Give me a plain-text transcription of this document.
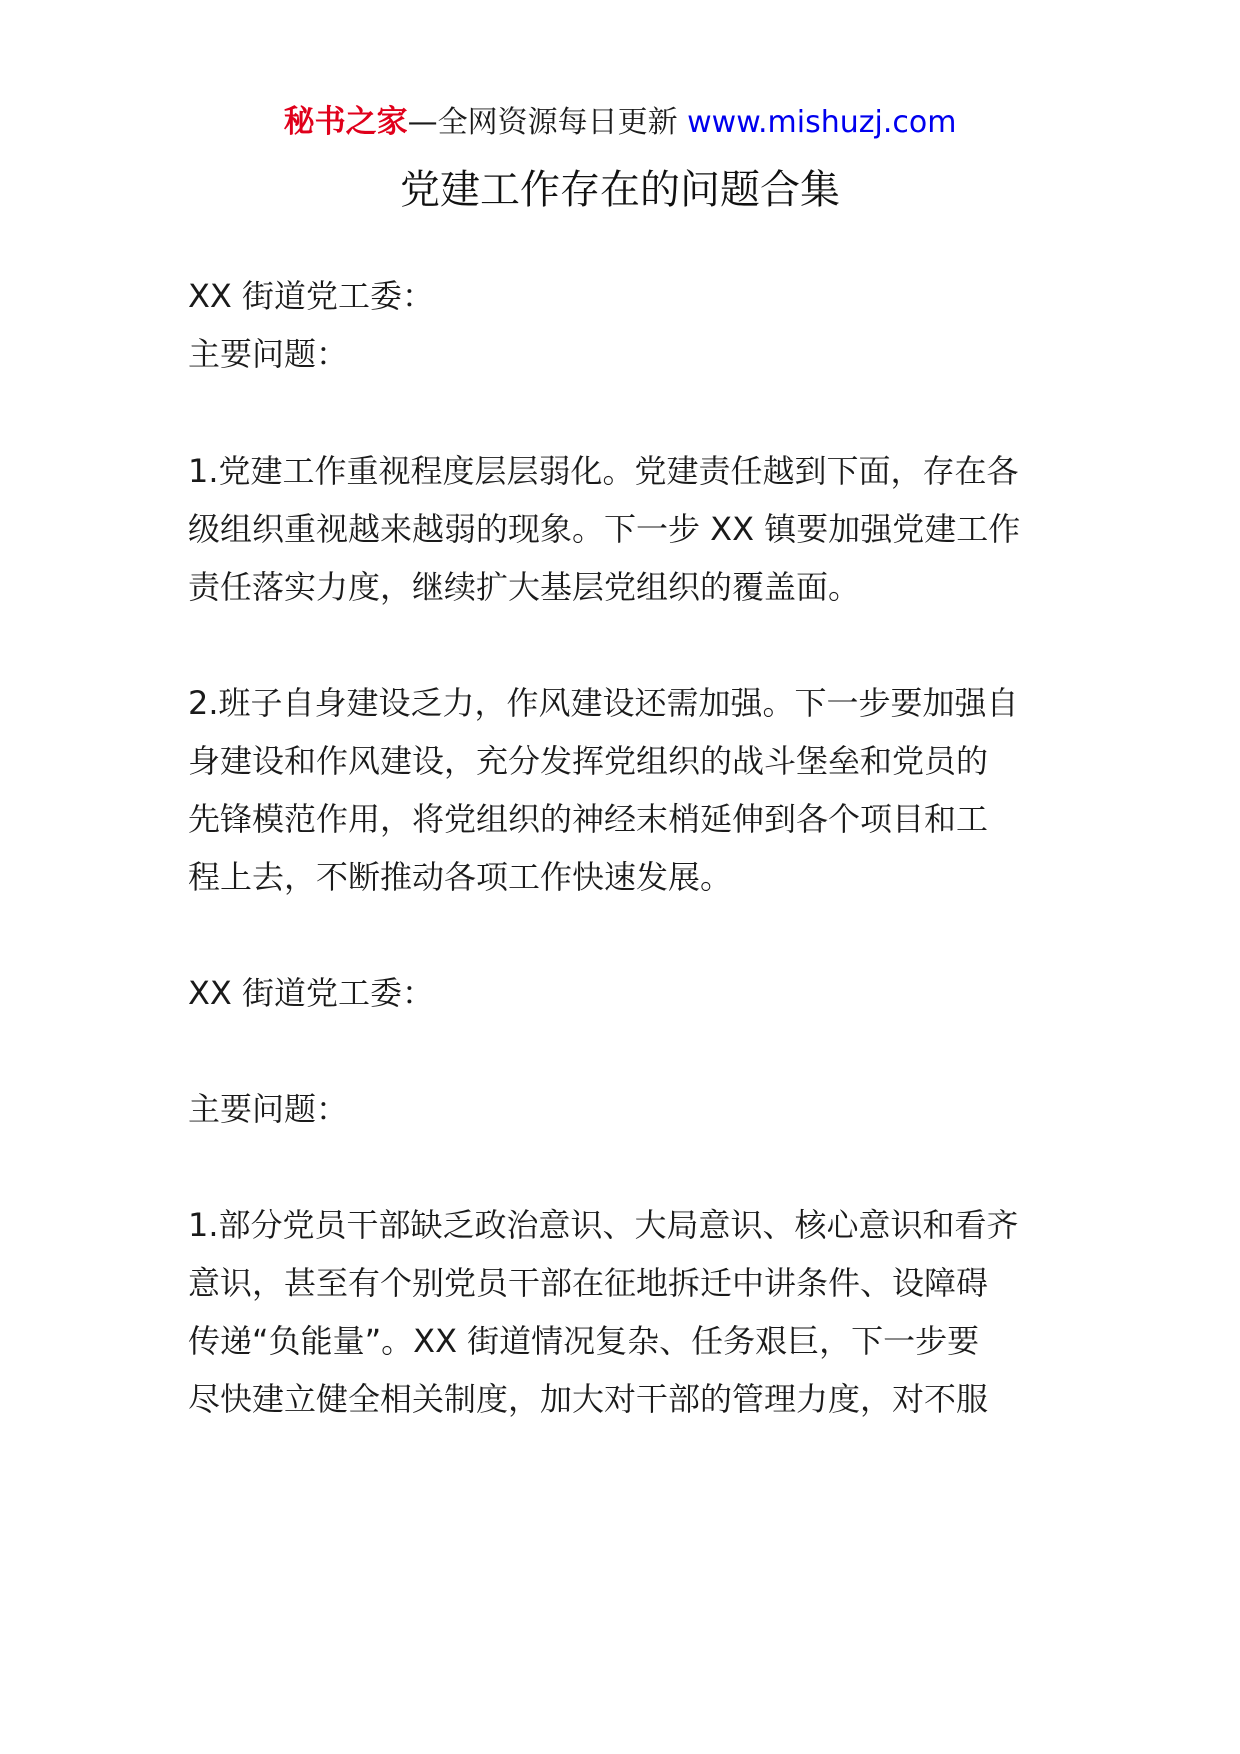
秘书之家—全网资源每日更新 www.mishuzj.com
党建工作存在的问题合集
XX 街道党工委：
主要问题：
1.党建工作重视程度层层弱化。党建责任越到下面，存在各
级组织重视越来越弱的现象。下一步 XX 镇要加强党建工作
责任落实力度，继续扩大基层党组织的覆盖面。
2.班子自身建设乏力，作风建设还需加强。下一步要加强自
身建设和作风建设，充分发挥党组织的战斗堡垒和党员的
先锋模范作用，将党组织的神经末梢延伸到各个项目和工
程上去，不断推动各项工作快速发展。
XX 街道党工委：
主要问题：
1.部分党员干部缺乏政治意识、大局意识、核心意识和看齐
意识，甚至有个别党员干部在征地拆迁中讲条件、设障碍
传递“负能量”。XX 街道情况复杂、任务艰巨，下一步要
尽快建立健全相关制度，加大对干部的管理力度，对不服
